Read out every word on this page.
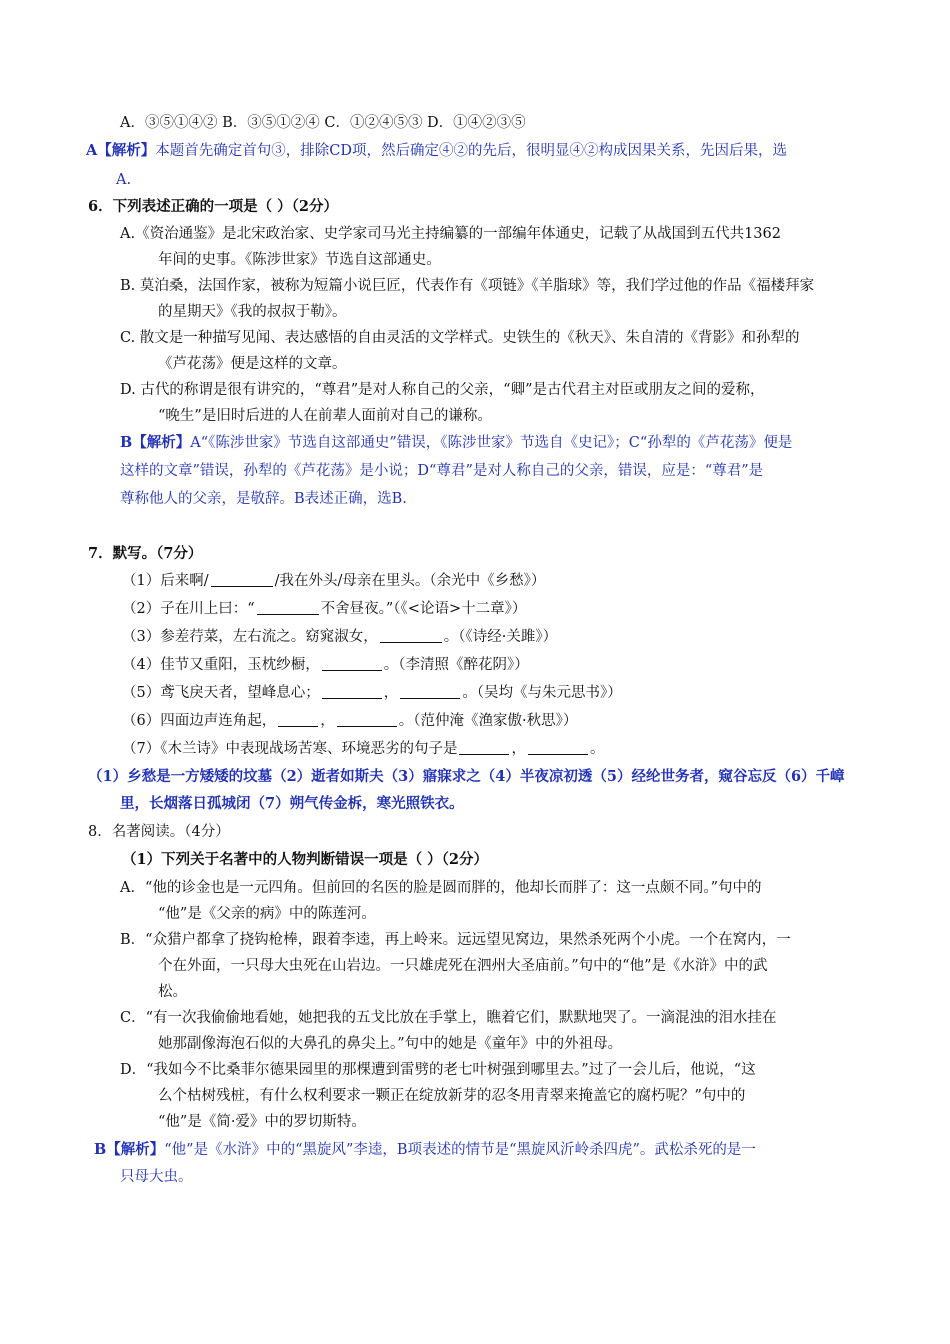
A．③⑤①④② B．③⑤①②④ C．①②④⑤③ D．①④②③⑤
A【解析】本题首先确定首句③，排除CD项，然后确定④②的先后，很明显④②构成因果关系，先因后果，选
A.
6．下列表述正确的一项是（ ）（2分）
A.《资治通鉴》是北宋政治家、史学家司马光主持编纂的一部编年体通史，记载了从战国到五代共1362
年间的史事。《陈涉世家》节选自这部通史。
B. 莫泊桑，法国作家，被称为短篇小说巨匠，代表作有《项链》《羊脂球》等，我们学过他的作品《福楼拜家
的星期天》《我的叔叔于勒》。
C. 散文是一种描写见闻、表达感悟的自由灵活的文学样式。史铁生的《秋天》、朱自清的《背影》和孙犁的
《芦花荡》便是这样的文章。
D. 古代的称谓是很有讲究的，“尊君”是对人称自己的父亲，“卿”是古代君主对臣或朋友之间的爱称，
“晚生”是旧时后进的人在前辈人面前对自己的谦称。
B【解析】A“《陈涉世家》节选自这部通史”错误，《陈涉世家》节选自《史记》；C“孙犁的《芦花荡》便是
这样的文章”错误，孙犁的《芦花荡》是小说；D“尊君”是对人称自己的父亲，错误，应是：“尊君”是
尊称他人的父亲，是敬辞。B表述正确，选B.
7．默写。（7分）
（1）后来啊/	/我在外头/母亲在里头。（余光中《乡愁》）
（2）子在川上曰：“	不舍昼夜。”（《<论语>十二章》）
（3）参差荇菜，左右流之。窈窕淑女，	。（《诗经·关雎》）
（4）佳节又重阳，玉枕纱橱，	。（李清照《醉花阴》）
（5）鸢飞戾天者，望峰息心；	，	。（吴均《与朱元思书》）
（6）四面边声连角起，	，	。（范仲淹《渔家傲·秋思》）
（7）《木兰诗》中表现战场苦寒、环境恶劣的句子是	，	。
（1）乡愁是一方矮矮的坟墓（2）逝者如斯夫（3）寤寐求之（4）半夜凉初透（5）经纶世务者，窥谷忘反（6）千嶂
里，长烟落日孤城闭（7）朔气传金柝，寒光照铁衣。
8．名著阅读。（4分）
（1）下列关于名著中的人物判断错误一项是（ ）（2分）
A．“他的诊金也是一元四角。但前回的名医的脸是圆而胖的，他却长而胖了：这一点颇不同。”句中的
“他”是《父亲的病》中的陈莲河。
B．“众猎户都拿了挠钩枪棒，跟着李逵，再上岭来。远远望见窝边，果然杀死两个小虎。一个在窝内，一
个在外面，一只母大虫死在山岩边。一只雄虎死在泗州大圣庙前。”句中的“他”是《水浒》中的武
松。
C．“有一次我偷偷地看她，她把我的五戈比放在手掌上，瞧着它们，默默地哭了。一滴混浊的泪水挂在
她那副像海泡石似的大鼻孔的鼻尖上。”句中的她是《童年》中的外祖母。
D．“我如今不比桑菲尔德果园里的那棵遭到雷劈的老七叶树强到哪里去。”过了一会儿后，他说，“这
么个枯树残桩，有什么权利要求一颗正在绽放新芽的忍冬用青翠来掩盖它的腐朽呢？”句中的
“他”是《简·爱》中的罗切斯特。
B【解析】“他”是《水浒》中的“黑旋风”李逵，B项表述的情节是“黑旋风沂岭杀四虎”。武松杀死的是一
只母大虫。
